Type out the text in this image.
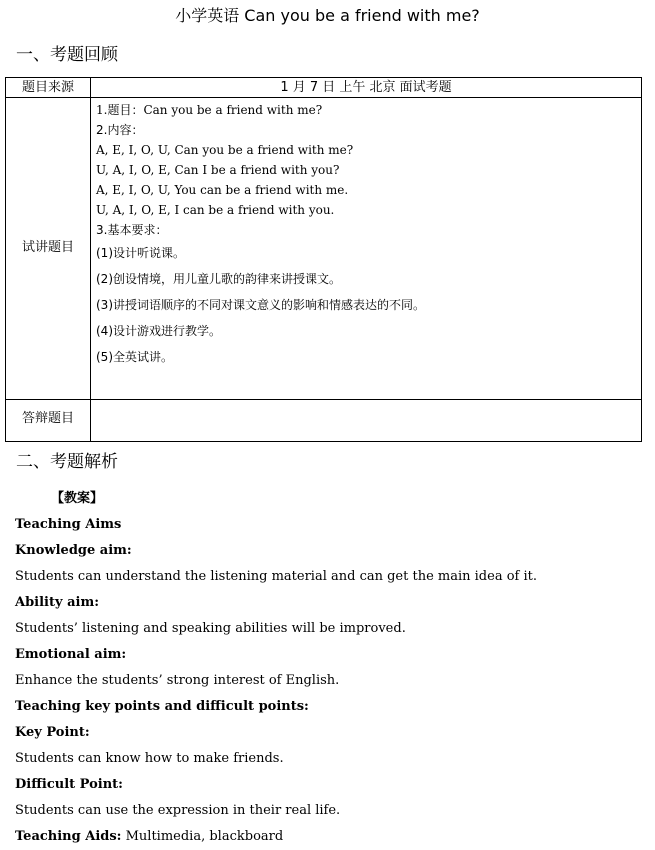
小学英语 Can you be a friend with me?
一、考题回顾
题目来源	1 月 7 日 上午 北京 面试考题
试讲题目
1.题目：Can you be a friend with me?
2.内容：
A, E, I, O, U, Can you be a friend with me?
U, A, I, O, E, Can I be a friend with you?
A, E, I, O, U, You can be a friend with me.
U, A, I, O, E, I can be a friend with you.
3.基本要求：
(1)设计听说课。
(2)创设情境，用儿童儿歌的韵律来讲授课文。
(3)讲授词语顺序的不同对课文意义的影响和情感表达的不同。
(4)设计游戏进行教学。
(5)全英试讲。
答辩题目
二、考题解析
【教案】
Teaching Aims
Knowledge aim:
Students can understand the listening material and can get the main idea of it.
Ability aim:
Students’ listening and speaking abilities will be improved.
Emotional aim:
Enhance the students’ strong interest of English.
Teaching key points and difficult points:
Key Point:
Students can know how to make friends.
Difficult Point:
Students can use the expression in their real life.
Teaching Aids: Multimedia, blackboard
